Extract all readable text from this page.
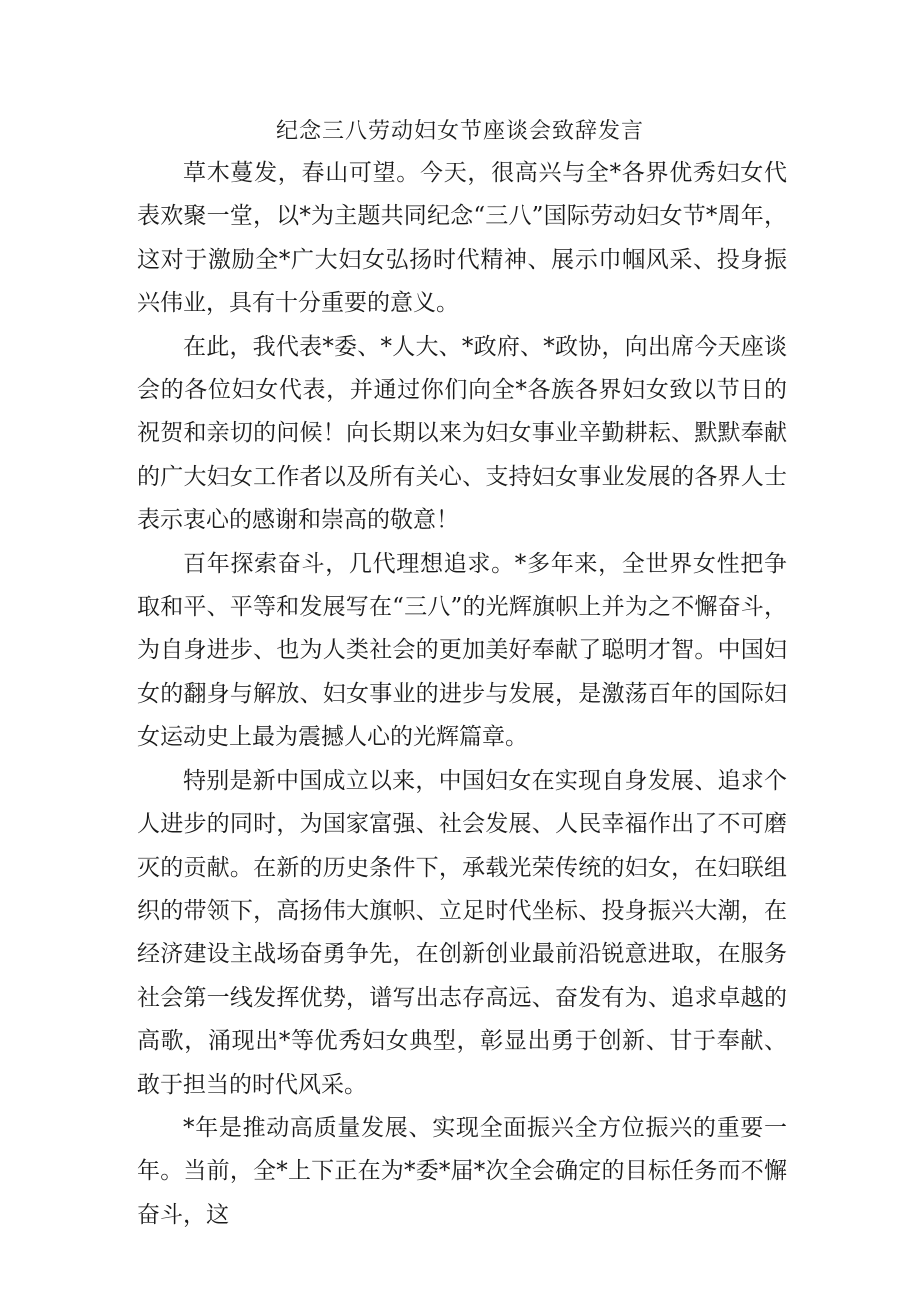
纪念三八劳动妇女节座谈会致辞发言

草木蔓发，春山可望。今天，很高兴与全*各界优秀妇女代表欢聚一堂，以*为主题共同纪念“三八”国际劳动妇女节*周年，这对于激励全*广大妇女弘扬时代精神、展示巾帼风采、投身振兴伟业，具有十分重要的意义。

在此，我代表*委、*人大、*政府、*政协，向出席今天座谈会的各位妇女代表，并通过你们向全*各族各界妇女致以节日的祝贺和亲切的问候！向长期以来为妇女事业辛勤耕耘、默默奉献的广大妇女工作者以及所有关心、支持妇女事业发展的各界人士表示衷心的感谢和崇高的敬意！

百年探索奋斗，几代理想追求。*多年来，全世界女性把争取和平、平等和发展写在“三八”的光辉旗帜上并为之不懈奋斗，为自身进步、也为人类社会的更加美好奉献了聪明才智。中国妇女的翻身与解放、妇女事业的进步与发展，是激荡百年的国际妇女运动史上最为震撼人心的光辉篇章。

特别是新中国成立以来，中国妇女在实现自身发展、追求个人进步的同时，为国家富强、社会发展、人民幸福作出了不可磨灭的贡献。在新的历史条件下，承载光荣传统的妇女，在妇联组织的带领下，高扬伟大旗帜、立足时代坐标、投身振兴大潮，在经济建设主战场奋勇争先，在创新创业最前沿锐意进取，在服务社会第一线发挥优势，谱写出志存高远、奋发有为、追求卓越的高歌，涌现出*等优秀妇女典型，彰显出勇于创新、甘于奉献、敢于担当的时代风采。

*年是推动高质量发展、实现全面振兴全方位振兴的重要一年。当前，全*上下正在为*委*届*次全会确定的目标任务而不懈奋斗，这
